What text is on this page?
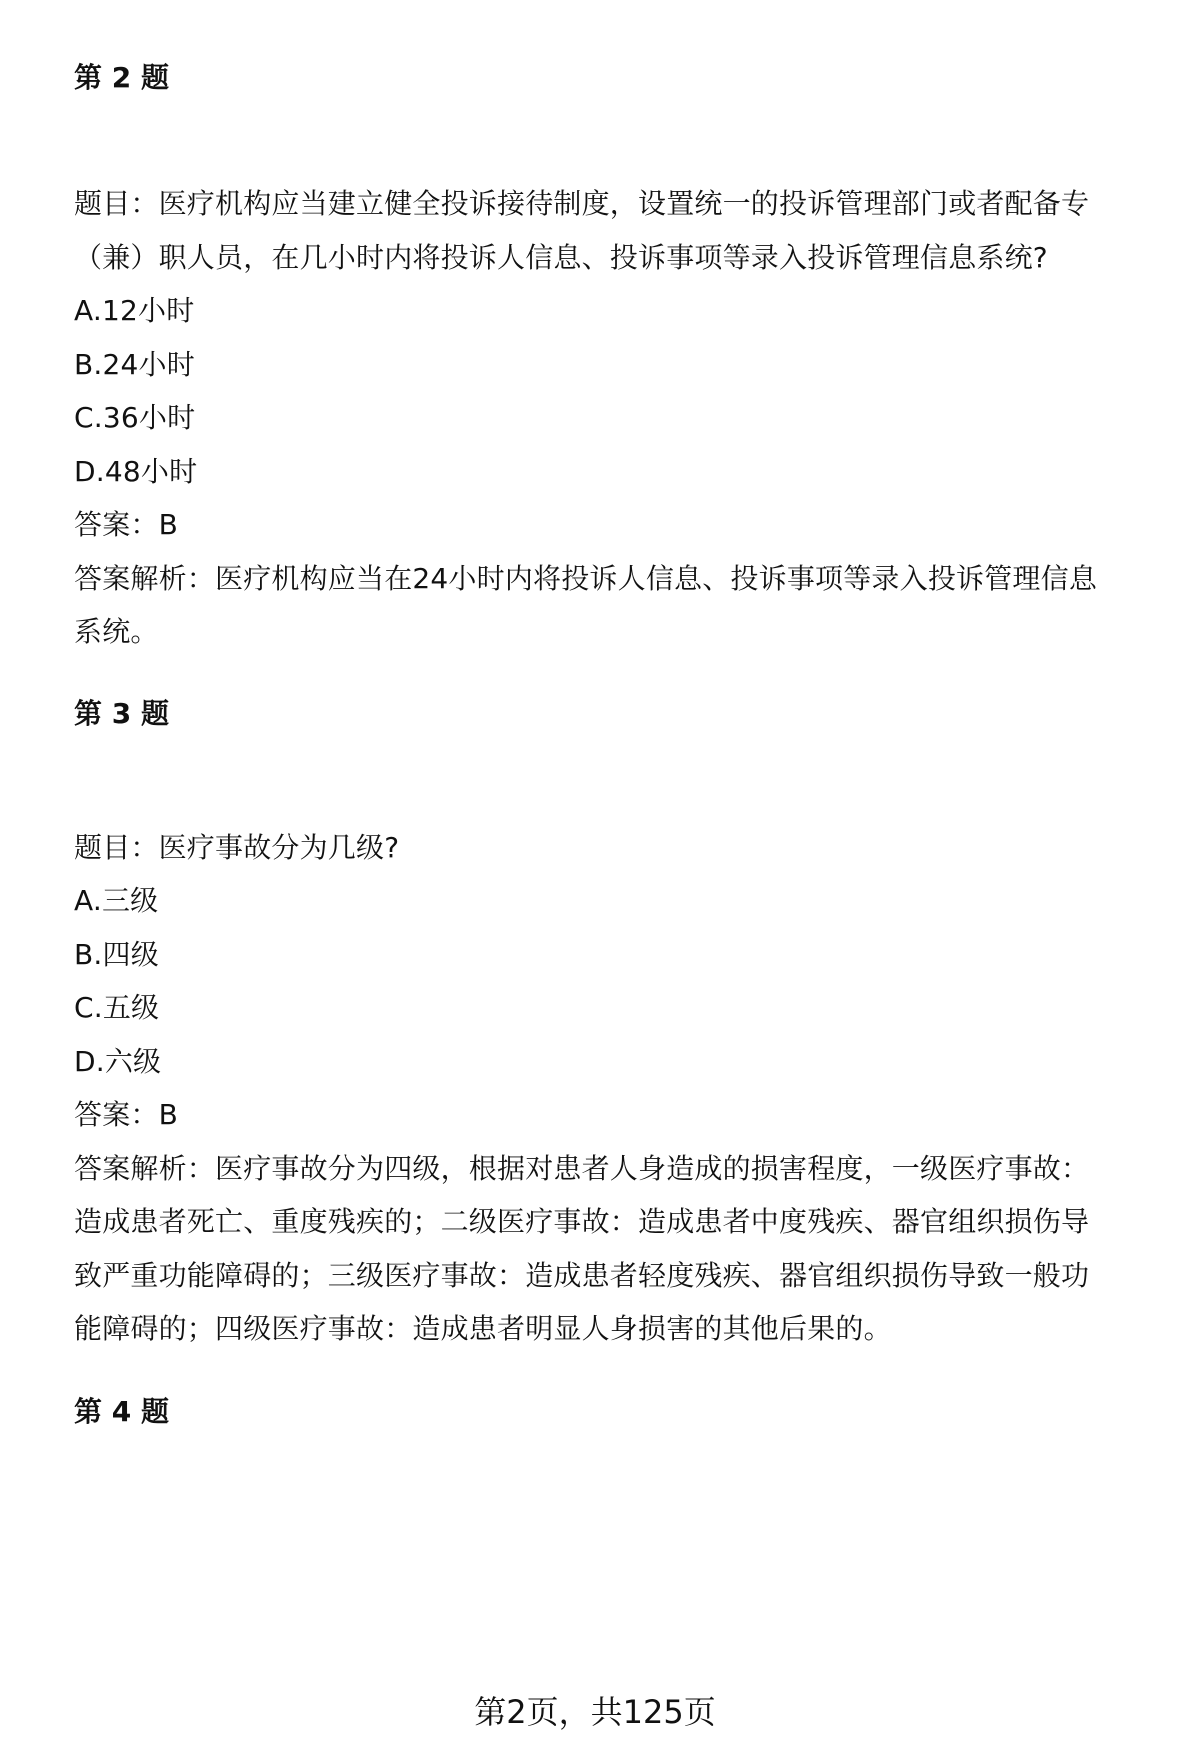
第 2 题
题目：医疗机构应当建立健全投诉接待制度，设置统一的投诉管理部门或者配备专
（兼）职人员，在几小时内将投诉人信息、投诉事项等录入投诉管理信息系统?
A.12小时
B.24小时
C.36小时
D.48小时
答案：B
答案解析：医疗机构应当在24小时内将投诉人信息、投诉事项等录入投诉管理信息
系统。
第 3 题
题目：医疗事故分为几级?
A.三级
B.四级
C.五级
D.六级
答案：B
答案解析：医疗事故分为四级，根据对患者人身造成的损害程度，一级医疗事故：
造成患者死亡、重度残疾的；二级医疗事故：造成患者中度残疾、器官组织损伤导
致严重功能障碍的；三级医疗事故：造成患者轻度残疾、器官组织损伤导致一般功
能障碍的；四级医疗事故：造成患者明显人身损害的其他后果的。
第 4 题
第2页，共125页
